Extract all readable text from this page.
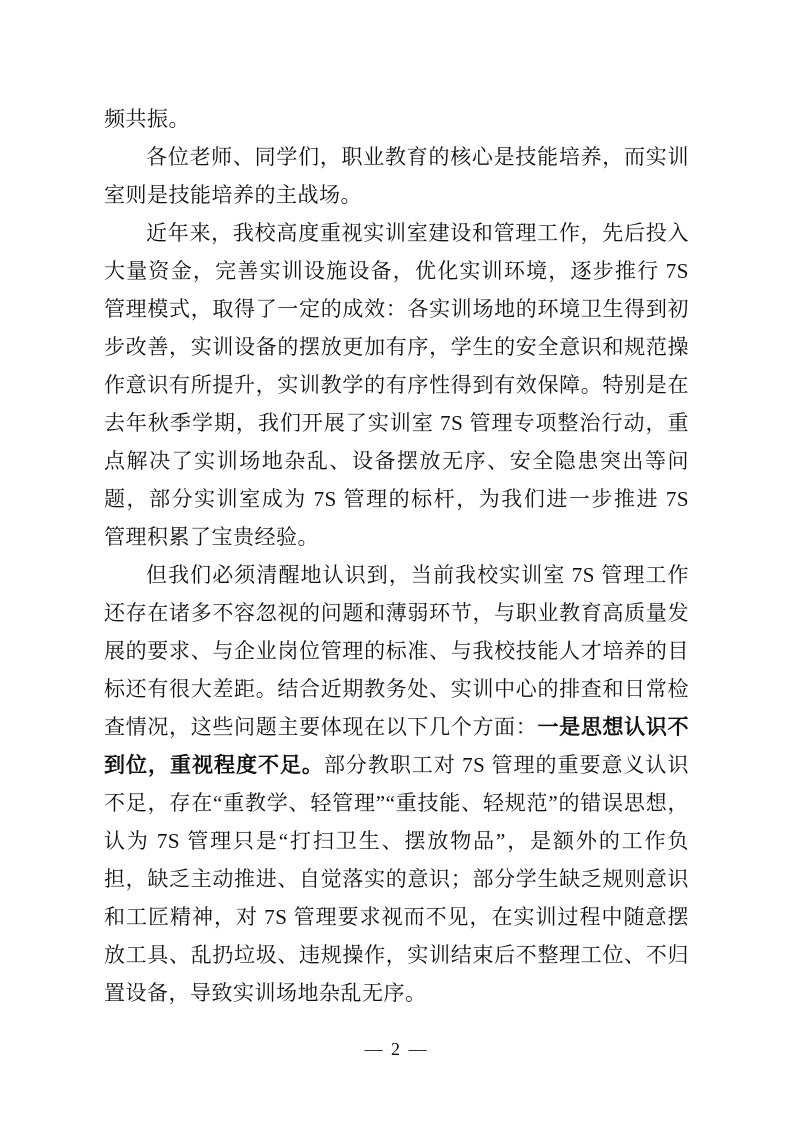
频共振。

各位老师、同学们，职业教育的核心是技能培养，而实训室则是技能培养的主战场。

近年来，我校高度重视实训室建设和管理工作，先后投入大量资金，完善实训设施设备，优化实训环境，逐步推行 7S 管理模式，取得了一定的成效：各实训场地的环境卫生得到初步改善，实训设备的摆放更加有序，学生的安全意识和规范操作意识有所提升，实训教学的有序性得到有效保障。特别是在去年秋季学期，我们开展了实训室 7S 管理专项整治行动，重点解决了实训场地杂乱、设备摆放无序、安全隐患突出等问题，部分实训室成为 7S 管理的标杆，为我们进一步推进 7S 管理积累了宝贵经验。

但我们必须清醒地认识到，当前我校实训室 7S 管理工作还存在诸多不容忽视的问题和薄弱环节，与职业教育高质量发展的要求、与企业岗位管理的标准、与我校技能人才培养的目标还有很大差距。结合近期教务处、实训中心的排查和日常检查情况，这些问题主要体现在以下几个方面：一是思想认识不到位，重视程度不足。部分教职工对 7S 管理的重要意义认识不足，存在“重教学、轻管理”“重技能、轻规范”的错误思想，认为 7S 管理只是“打扫卫生、摆放物品”，是额外的工作负担，缺乏主动推进、自觉落实的意识；部分学生缺乏规则意识和工匠精神，对 7S 管理要求视而不见，在实训过程中随意摆放工具、乱扔垃圾、违规操作，实训结束后不整理工位、不归置设备，导致实训场地杂乱无序。

— 2 —
